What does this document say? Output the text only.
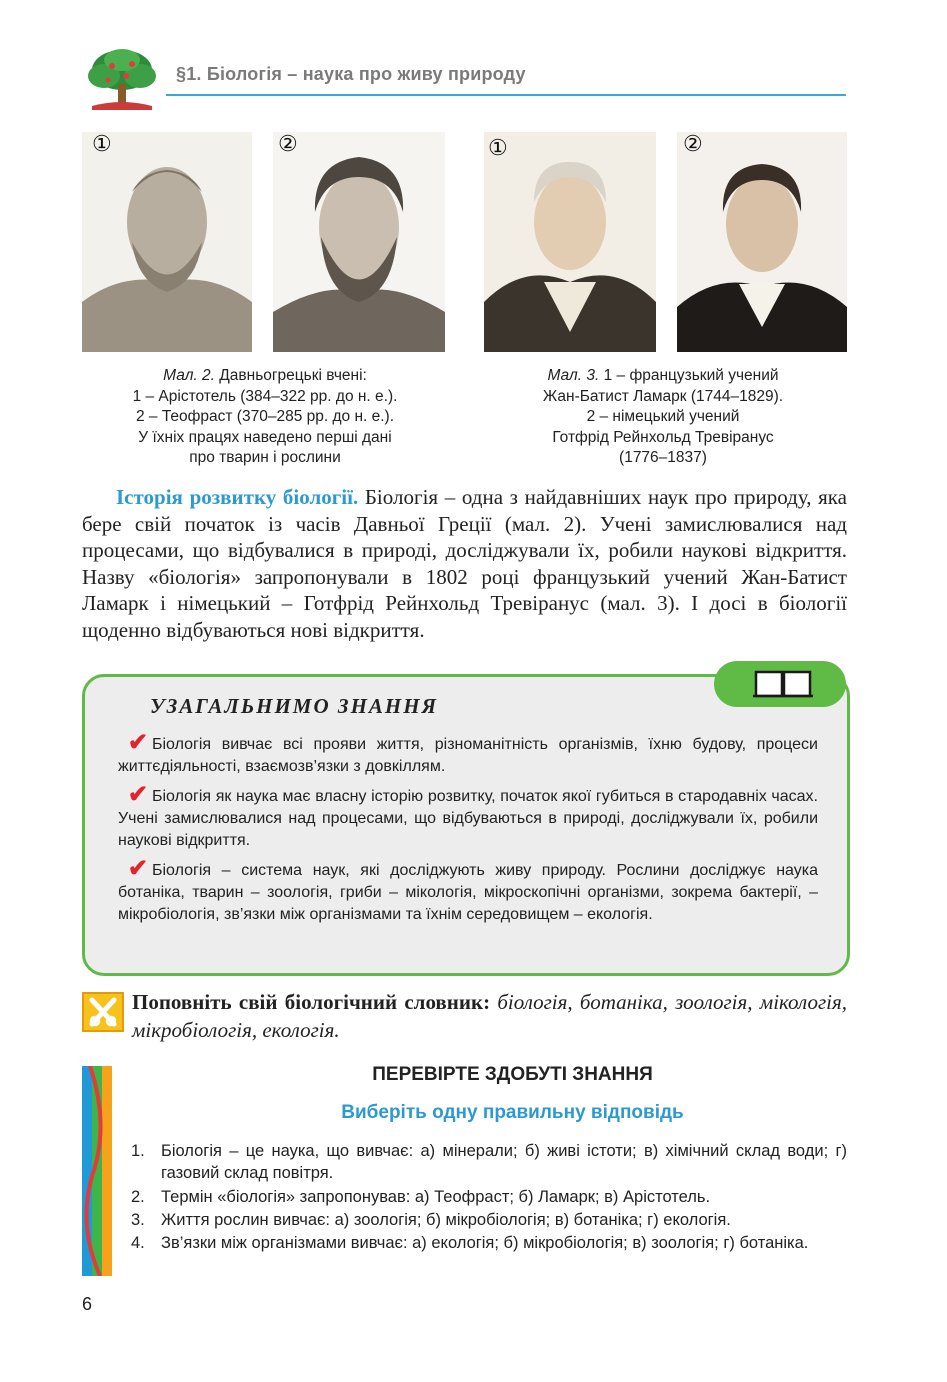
§1. Біологія – наука про живу природу
①	②	①	②
Мал. 2. Давньогрецькі вчені:
1 – Арістотель (384–322 рр. до н. е.).
2 – Теофраст (370–285 рр. до н. е.).
У їхніх працях наведено перші дані
про тварин і рослини
Мал. 3. 1 – французький учений
Жан-Батист Ламарк (1744–1829).
2 – німецький учений
Готфрід Рейнхольд Тревіранус
(1776–1837)
Історія розвитку біології. Біологія – одна з найдавніших наук про природу, яка бере свій початок із часів Давньої Греції (мал. 2). Учені замислювалися над процесами, що відбувалися в природі, досліджували їх, робили наукові відкриття. Назву «біологія» запропонували в 1802 році французький учений Жан-Батист Ламарк і німецький – Готфрід Рейнхольд Тревіранус (мал. 3). І досі в біології щоденно відбуваються нові відкриття.
УЗАГАЛЬНИМО ЗНАННЯ
✔ Біологія вивчає всі прояви життя, різноманітність організмів, їхню будову, процеси життєдіяльності, взаємозв’язки з довкіллям.
✔ Біологія як наука має власну історію розвитку, початок якої губиться в стародавніх часах. Учені замислювалися над процесами, що відбуваються в природі, досліджували їх, робили наукові відкриття.
✔ Біологія – система наук, які досліджують живу природу. Рослини досліджує наука ботаніка, тварин – зоологія, гриби – мікологія, мікроскопічні організми, зокрема бактерії, – мікробіологія, зв’язки між організмами та їхнім середовищем – екологія.
Поповніть свій біологічний словник: біологія, ботаніка, зоологія, мікологія, мікробіологія, екологія.
ПЕРЕВІРТЕ ЗДОБУТІ ЗНАННЯ
Виберіть одну правильну відповідь
1. Біологія – це наука, що вивчає: а) мінерали; б) живі істоти; в) хімічний склад води; г) газовий склад повітря.
2. Термін «біологія» запропонував: а) Теофраст; б) Ламарк; в) Арістотель.
3. Життя рослин вивчає: а) зоологія; б) мікробіологія; в) ботаніка; г) екологія.
4. Зв’язки між організмами вивчає: а) екологія; б) мікробіологія; в) зоологія; г) ботаніка.
6
